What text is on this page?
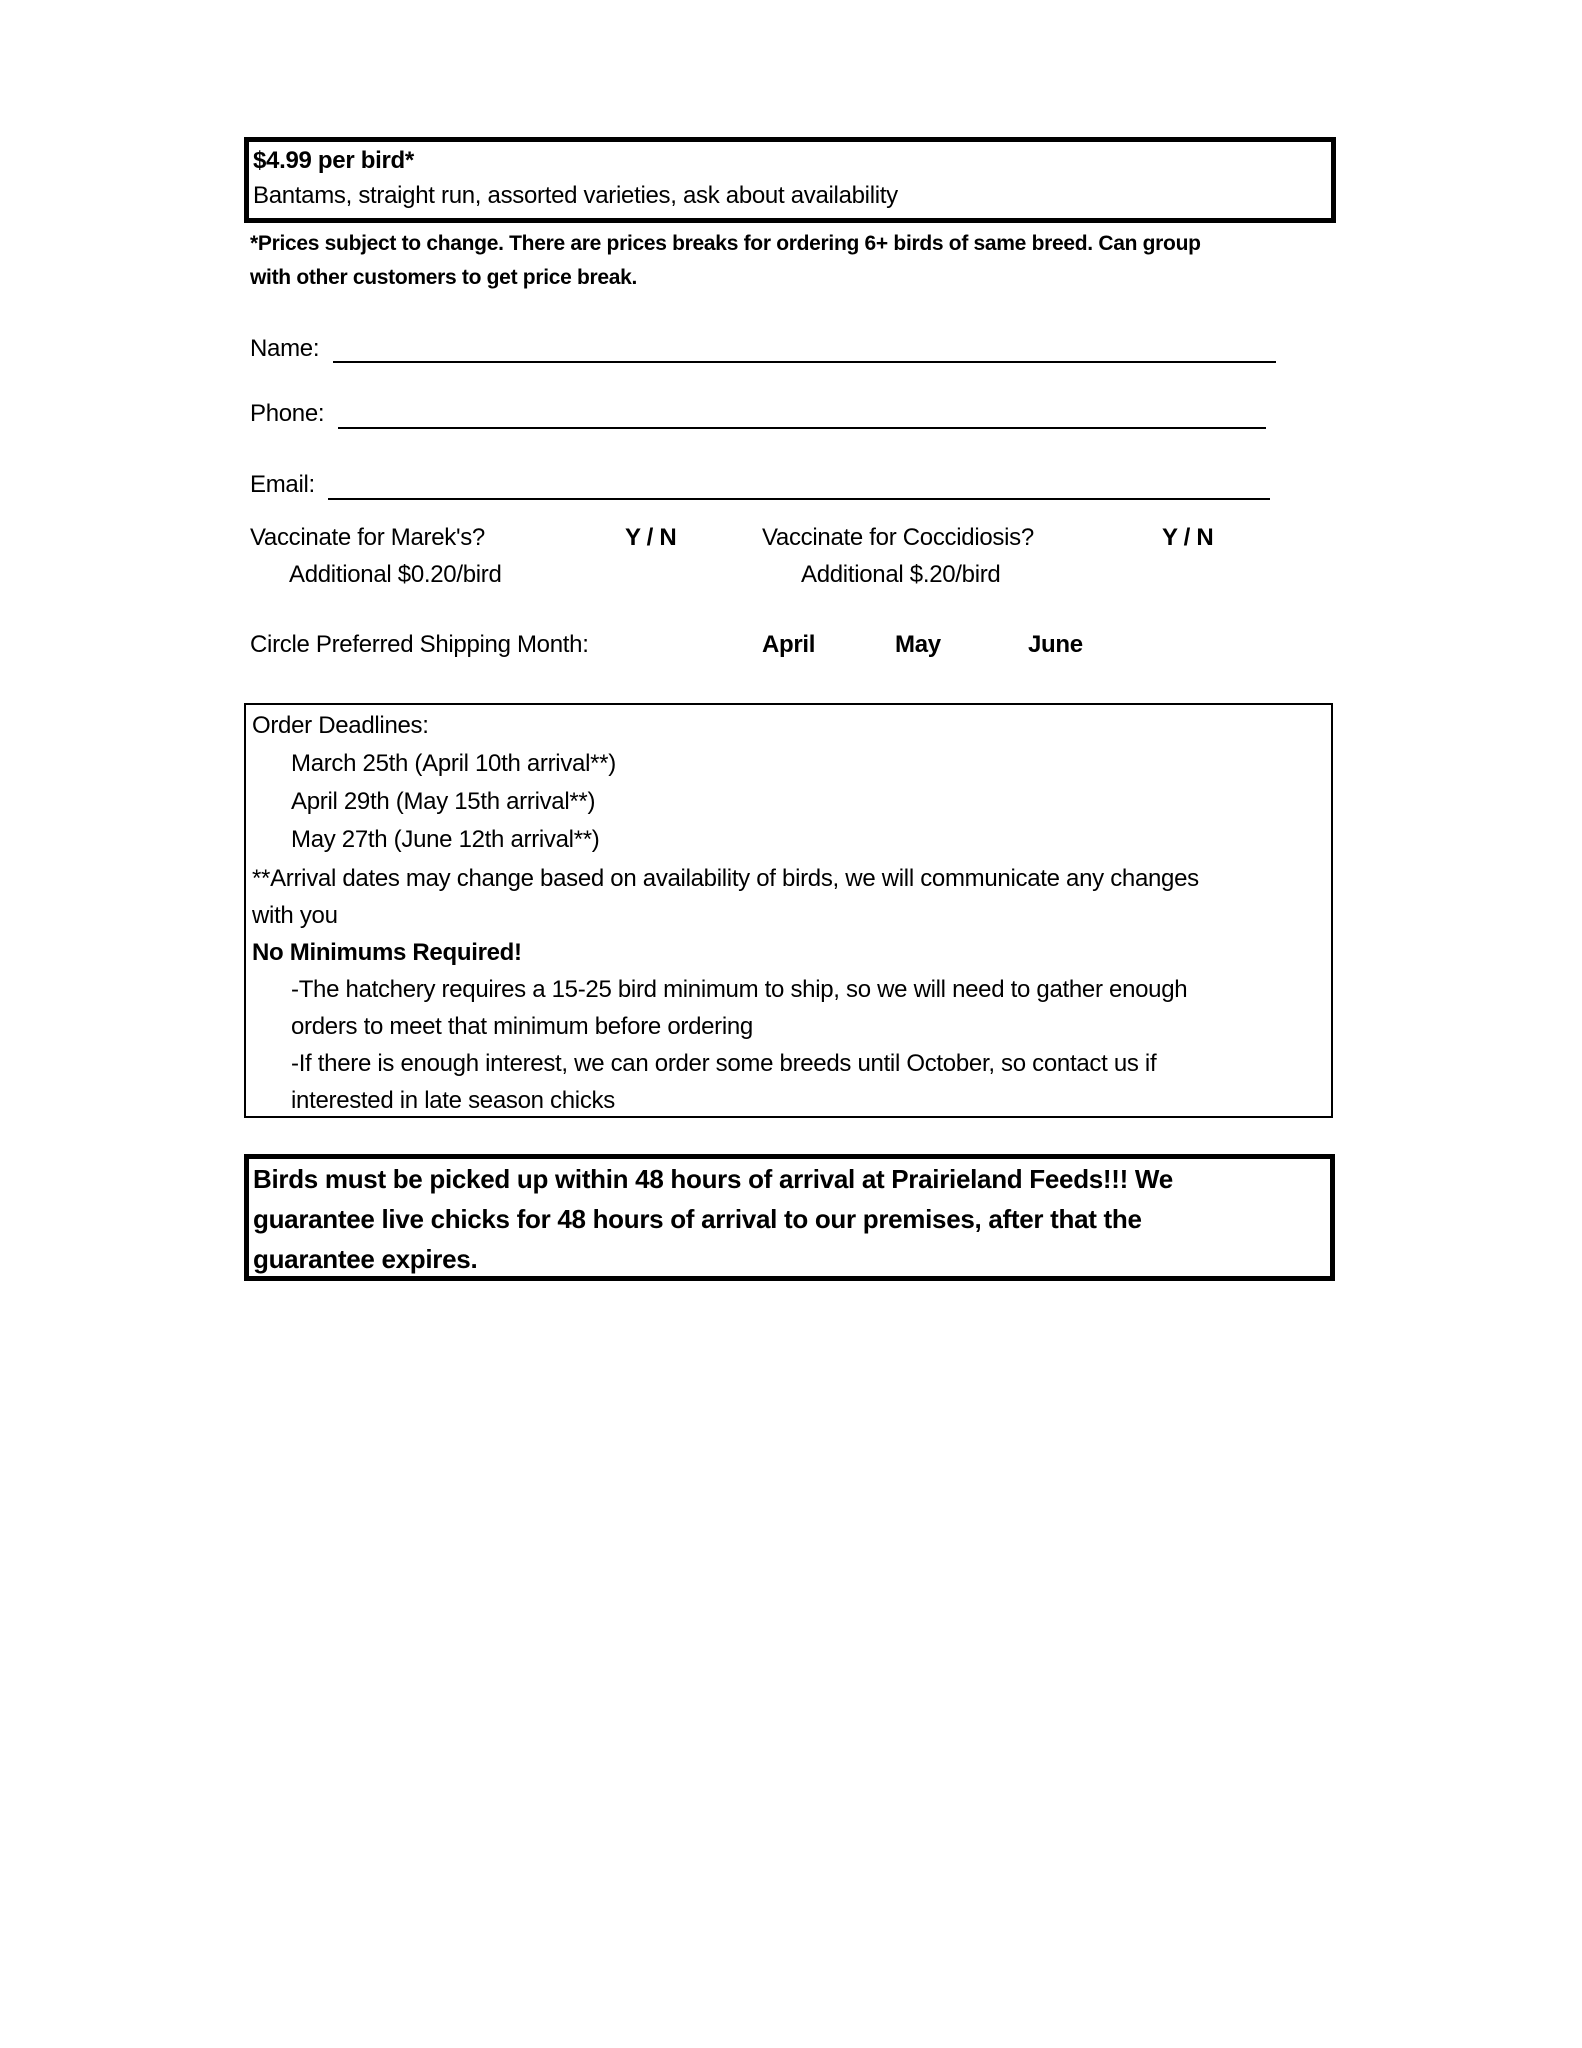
$4.99 per bird*
Bantams, straight run, assorted varieties, ask about availability
*Prices subject to change. There are prices breaks for ordering 6+ birds of same breed. Can group
with other customers to get price break.
Name:
Phone:
Email:
Vaccinate for Marek's?	Y / N
Additional $0.20/bird
Vaccinate for Coccidiosis?	Y / N
Additional $.20/bird
Circle Preferred Shipping Month:	April	May	June
Order Deadlines:
March 25th (April 10th arrival**)
April 29th (May 15th arrival**)
May 27th (June 12th arrival**)
**Arrival dates may change based on availability of birds, we will communicate any changes
with you
No Minimums Required!
-The hatchery requires a 15-25 bird minimum to ship, so we will need to gather enough
orders to meet that minimum before ordering
-If there is enough interest, we can order some breeds until October, so contact us if
interested in late season chicks
Birds must be picked up within 48 hours of arrival at Prairieland Feeds!!! We
guarantee live chicks for 48 hours of arrival to our premises, after that the
guarantee expires.
